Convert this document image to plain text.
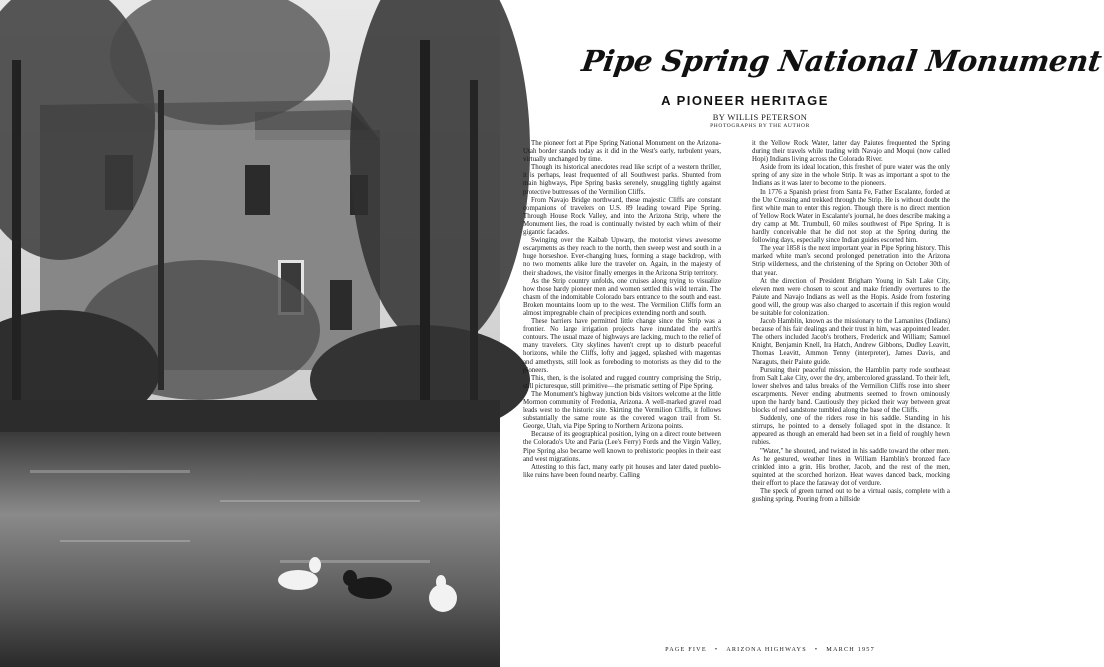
Pipe Spring National Monument
A PIONEER HERITAGE
BY WILLIS PETERSON
PHOTOGRAPHS BY THE AUTHOR

The pioneer fort at Pipe Spring National Monument on the Arizona-Utah border stands today as it did in the West's early, turbulent years, virtually unchanged by time.

Though its historical anecdotes read like script of a western thriller, it is perhaps, least frequented of all Southwest parks. Shunted from main highways, Pipe Spring basks serenely, snuggling tightly against protective buttresses of the Vermilion Cliffs.

From Navajo Bridge northward, these majestic Cliffs are constant companions of travelers on U.S. 89 leading toward Pipe Spring. Through House Rock Valley, and into the Arizona Strip, where the Monument lies, the road is continually twisted by each whim of their gigantic facades.

Swinging over the Kaibab Upwarp, the motorist views awesome escarpments as they reach to the north, then sweep west and south in a huge horseshoe. Ever-changing hues, forming a stage backdrop, with no two moments alike lure the traveler on. Again, in the majesty of their shadows, the visitor finally emerges in the Arizona Strip territory.

As the Strip country unfolds, one cruises along trying to visualize how those hardy pioneer men and women settled this wild terrain. The chasm of the indomitable Colorado bars entrance to the south and east. Broken mountains loom up to the west. The Vermilion Cliffs form an almost impregnable chain of precipices extending north and south.

These barriers have permitted little change since the Strip was a frontier. No large irrigation projects have inundated the earth's contours. The usual maze of highways are lacking, much to the relief of many travelers. City skylines haven't crept up to disturb peaceful horizons, while the Cliffs, lofty and jagged, splashed with magentas and amethysts, still look as foreboding to motorists as they did to the pioneers.

This, then, is the isolated and rugged country comprising the Strip, still picturesque, still primitive—the prismatic setting of Pipe Spring.

The Monument's highway junction bids visitors welcome at the little Mormon community of Fredonia, Arizona. A well-marked gravel road leads west to the historic site. Skirting the Vermilion Cliffs, it follows substantially the same route as the covered wagon trail from St. George, Utah, via Pipe Spring to Northern Arizona points.

Because of its geographical position, lying on a direct route between the Colorado's Ute and Paria (Lee's Ferry) Fords and the Virgin Valley, Pipe Spring also became well known to prehistoric peoples in their east and west migrations.

Attesting to this fact, many early pit houses and later dated pueblo-like ruins have been found nearby. Calling

it the Yellow Rock Water, latter day Paiutes frequented the Spring during their travels while trading with Navajo and Moqui (now called Hopi) Indians living across the Colorado River.

Aside from its ideal location, this freshet of pure water was the only spring of any size in the whole Strip. It was as important a spot to the Indians as it was later to become to the pioneers.

In 1776 a Spanish priest from Santa Fe, Father Escalante, forded at the Ute Crossing and trekked through the Strip. He is without doubt the first white man to enter this region. Though there is no direct mention of Yellow Rock Water in Escalante's journal, he does describe making a dry camp at Mt. Trumbull, 60 miles southwest of Pipe Spring. It is hardly conceivable that he did not stop at the Spring during the following days, especially since Indian guides escorted him.

The year 1858 is the next important year in Pipe Spring history. This marked white man's second prolonged penetration into the Arizona Strip wilderness, and the christening of the Spring on October 30th of that year.

At the direction of President Brigham Young in Salt Lake City, eleven men were chosen to scout and make friendly overtures to the Paiute and Navajo Indians as well as the Hopis. Aside from fostering good will, the group was also charged to ascertain if this region would be suitable for colonization.

Jacob Hamblin, known as the missionary to the Lamanites (Indians) because of his fair dealings and their trust in him, was appointed leader. The others included Jacob's brothers, Frederick and William; Samuel Knight, Benjamin Knell, Ira Hatch, Andrew Gibbons, Dudley Leavitt, Thomas Leavitt, Ammon Tenny (interpreter), James Davis, and Naraguts, their Paiute guide.

Pursuing their peaceful mission, the Hamblin party rode southeast from Salt Lake City, over the dry, ambercolored grassland. To their left, lower shelves and talus breaks of the Vermilion Cliffs rose into sheer escarpments. Never ending abutments seemed to frown ominously upon the hardy band. Cautiously they picked their way between great blocks of red sandstone tumbled along the base of the Cliffs.

Suddenly, one of the riders rose in his saddle. Standing in his stirrups, he pointed to a densely foliaged spot in the distance. It appeared as though an emerald had been set in a field of roughly hewn rubies.

"Water," he shouted, and twisted in his saddle toward the other men. As he gestured, weather lines in William Hamblin's bronzed face crinkled into a grin. His brother, Jacob, and the rest of the men, squinted at the scorched horizon. Heat waves danced back, mocking their effort to place the faraway dot of verdure.

The speck of green turned out to be a virtual oasis, complete with a gushing spring. Pouring from a hillside

PAGE FIVE • ARIZONA HIGHWAYS • MARCH 1957
